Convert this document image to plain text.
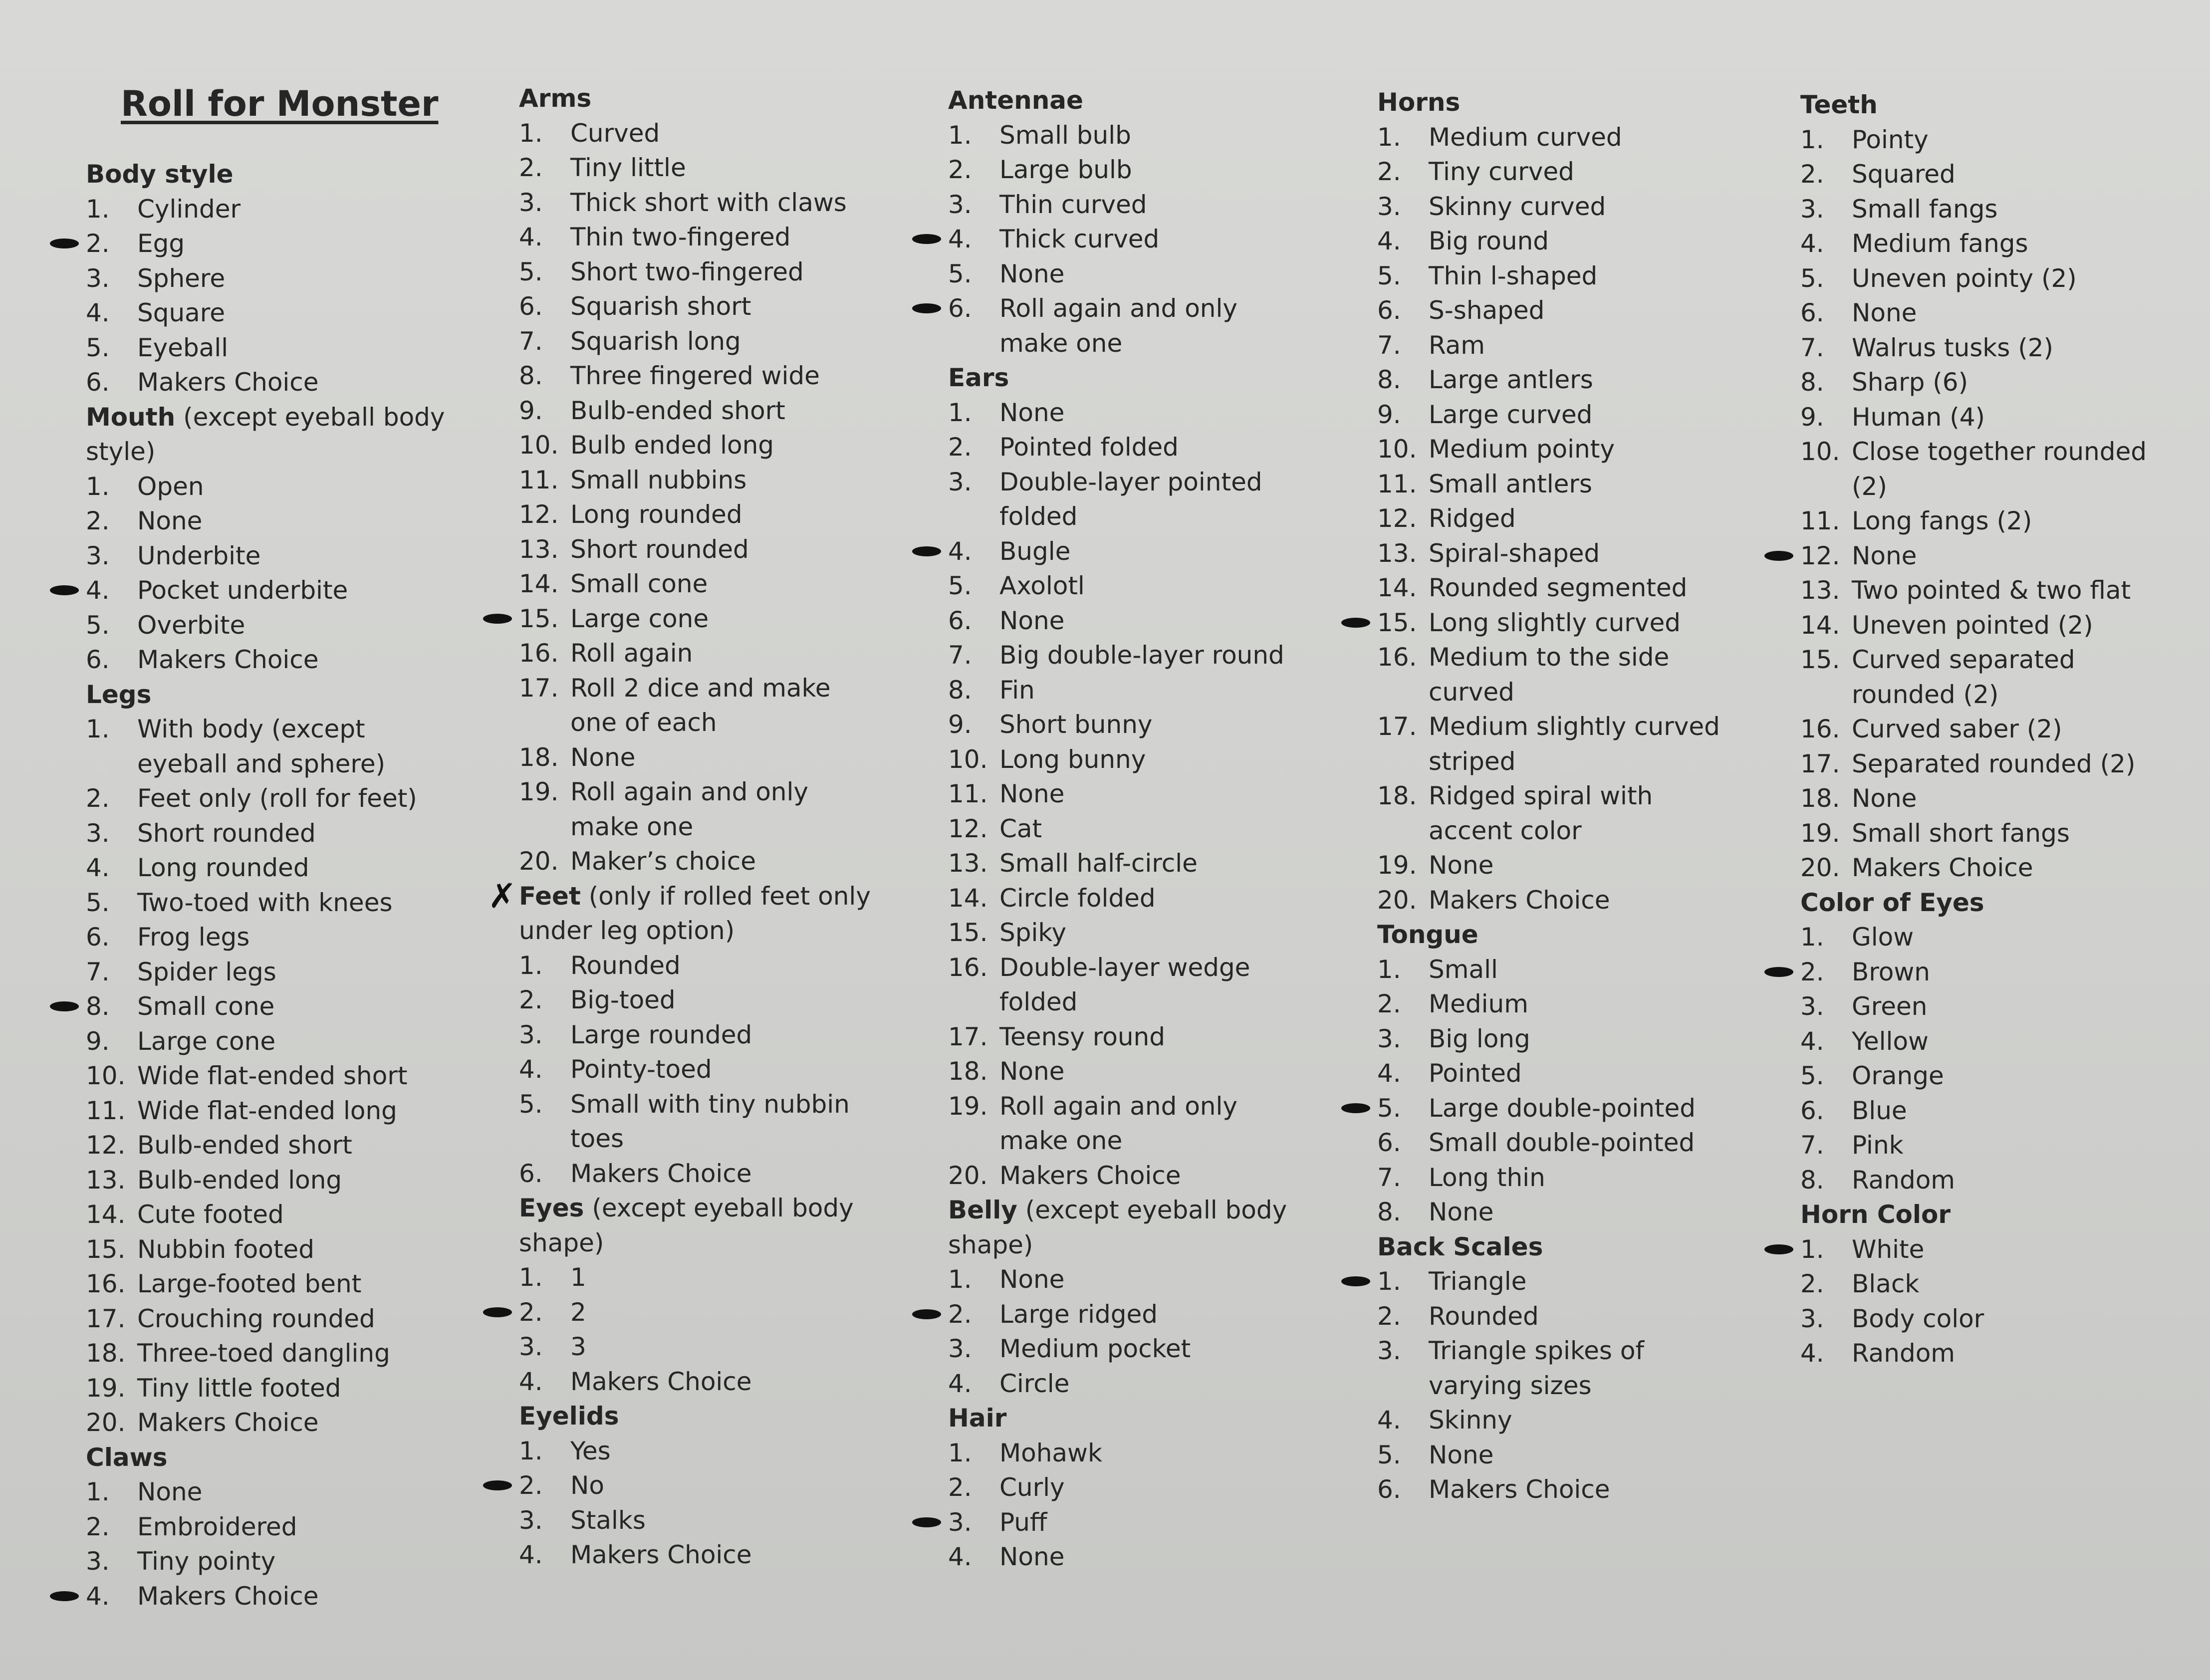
Roll for Monster
Body style
1. Cylinder
2. Egg
3. Sphere
4. Square
5. Eyeball
6. Makers Choice
Mouth (except eyeball body
style)
1. Open
2. None
3. Underbite
4. Pocket underbite
5. Overbite
6. Makers Choice
Legs
1. With body (except
eyeball and sphere)
2. Feet only (roll for feet)
3. Short rounded
4. Long rounded
5. Two-toed with knees
6. Frog legs
7. Spider legs
8. Small cone
9. Large cone
10. Wide flat-ended short
11. Wide flat-ended long
12. Bulb-ended short
13. Bulb-ended long
14. Cute footed
15. Nubbin footed
16. Large-footed bent
17. Crouching rounded
18. Three-toed dangling
19. Tiny little footed
20. Makers Choice
Claws
1. None
2. Embroidered
3. Tiny pointy
4. Makers Choice
Arms
1. Curved
2. Tiny little
3. Thick short with claws
4. Thin two-fingered
5. Short two-fingered
6. Squarish short
7. Squarish long
8. Three fingered wide
9. Bulb-ended short
10. Bulb ended long
11. Small nubbins
12. Long rounded
13. Short rounded
14. Small cone
15. Large cone
16. Roll again
17. Roll 2 dice and make
one of each
18. None
19. Roll again and only
make one
20. Maker’s choice
Feet (only if rolled feet only
✗
under leg option)
1. Rounded
2. Big-toed
3. Large rounded
4. Pointy-toed
5. Small with tiny nubbin
toes
6. Makers Choice
Eyes (except eyeball body
shape)
1. 1
2. 2
3. 3
4. Makers Choice
Eyelids
1. Yes
2. No
3. Stalks
4. Makers Choice
Antennae
1. Small bulb
2. Large bulb
3. Thin curved
4. Thick curved
5. None
6. Roll again and only
make one
Ears
1. None
2. Pointed folded
3. Double-layer pointed
folded
4. Bugle
5. Axolotl
6. None
7. Big double-layer round
8. Fin
9. Short bunny
10. Long bunny
11. None
12. Cat
13. Small half-circle
14. Circle folded
15. Spiky
16. Double-layer wedge
folded
17. Teensy round
18. None
19. Roll again and only
make one
20. Makers Choice
Belly (except eyeball body
shape)
1. None
2. Large ridged
3. Medium pocket
4. Circle
Hair
1. Mohawk
2. Curly
3. Puff
4. None
Horns
1. Medium curved
2. Tiny curved
3. Skinny curved
4. Big round
5. Thin l-shaped
6. S-shaped
7. Ram
8. Large antlers
9. Large curved
10. Medium pointy
11. Small antlers
12. Ridged
13. Spiral-shaped
14. Rounded segmented
15. Long slightly curved
16. Medium to the side
curved
17. Medium slightly curved
striped
18. Ridged spiral with
accent color
19. None
20. Makers Choice
Tongue
1. Small
2. Medium
3. Big long
4. Pointed
5. Large double-pointed
6. Small double-pointed
7. Long thin
8. None
Back Scales
1. Triangle
2. Rounded
3. Triangle spikes of
varying sizes
4. Skinny
5. None
6. Makers Choice
Teeth
1. Pointy
2. Squared
3. Small fangs
4. Medium fangs
5. Uneven pointy (2)
6. None
7. Walrus tusks (2)
8. Sharp (6)
9. Human (4)
10. Close together rounded
(2)
11. Long fangs (2)
12. None
13. Two pointed & two flat
14. Uneven pointed (2)
15. Curved separated
rounded (2)
16. Curved saber (2)
17. Separated rounded (2)
18. None
19. Small short fangs
20. Makers Choice
Color of Eyes
1. Glow
2. Brown
3. Green
4. Yellow
5. Orange
6. Blue
7. Pink
8. Random
Horn Color
1. White
2. Black
3. Body color
4. Random
